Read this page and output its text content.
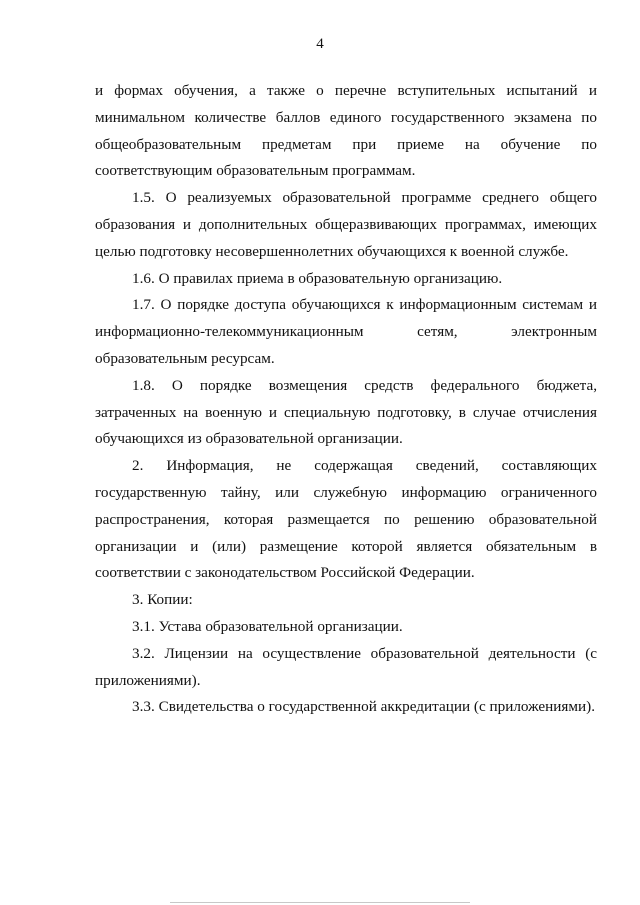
4

и формах обучения, а также о перечне вступительных испытаний и минимальном количестве баллов единого государственного экзамена по общеобразовательным предметам при приеме на обучение по соответствующим образовательным программам.

1.5. О реализуемых образовательной программе среднего общего образования и дополнительных общеразвивающих программах, имеющих целью подготовку несовершеннолетних обучающихся к военной службе.

1.6. О правилах приема в образовательную организацию.

1.7. О порядке доступа обучающихся к информационным системам и информационно-телекоммуникационным сетям, электронным образовательным ресурсам.

1.8. О порядке возмещения средств федерального бюджета, затраченных на военную и специальную подготовку, в случае отчисления обучающихся из образовательной организации.

2. Информация, не содержащая сведений, составляющих государственную тайну, или служебную информацию ограниченного распространения, которая размещается по решению образовательной организации и (или) размещение которой является обязательным в соответствии с законодательством Российской Федерации.

3. Копии:

3.1. Устава образовательной организации.

3.2. Лицензии на осуществление образовательной деятельности (с приложениями).

3.3. Свидетельства о государственной аккредитации (с приложениями).
